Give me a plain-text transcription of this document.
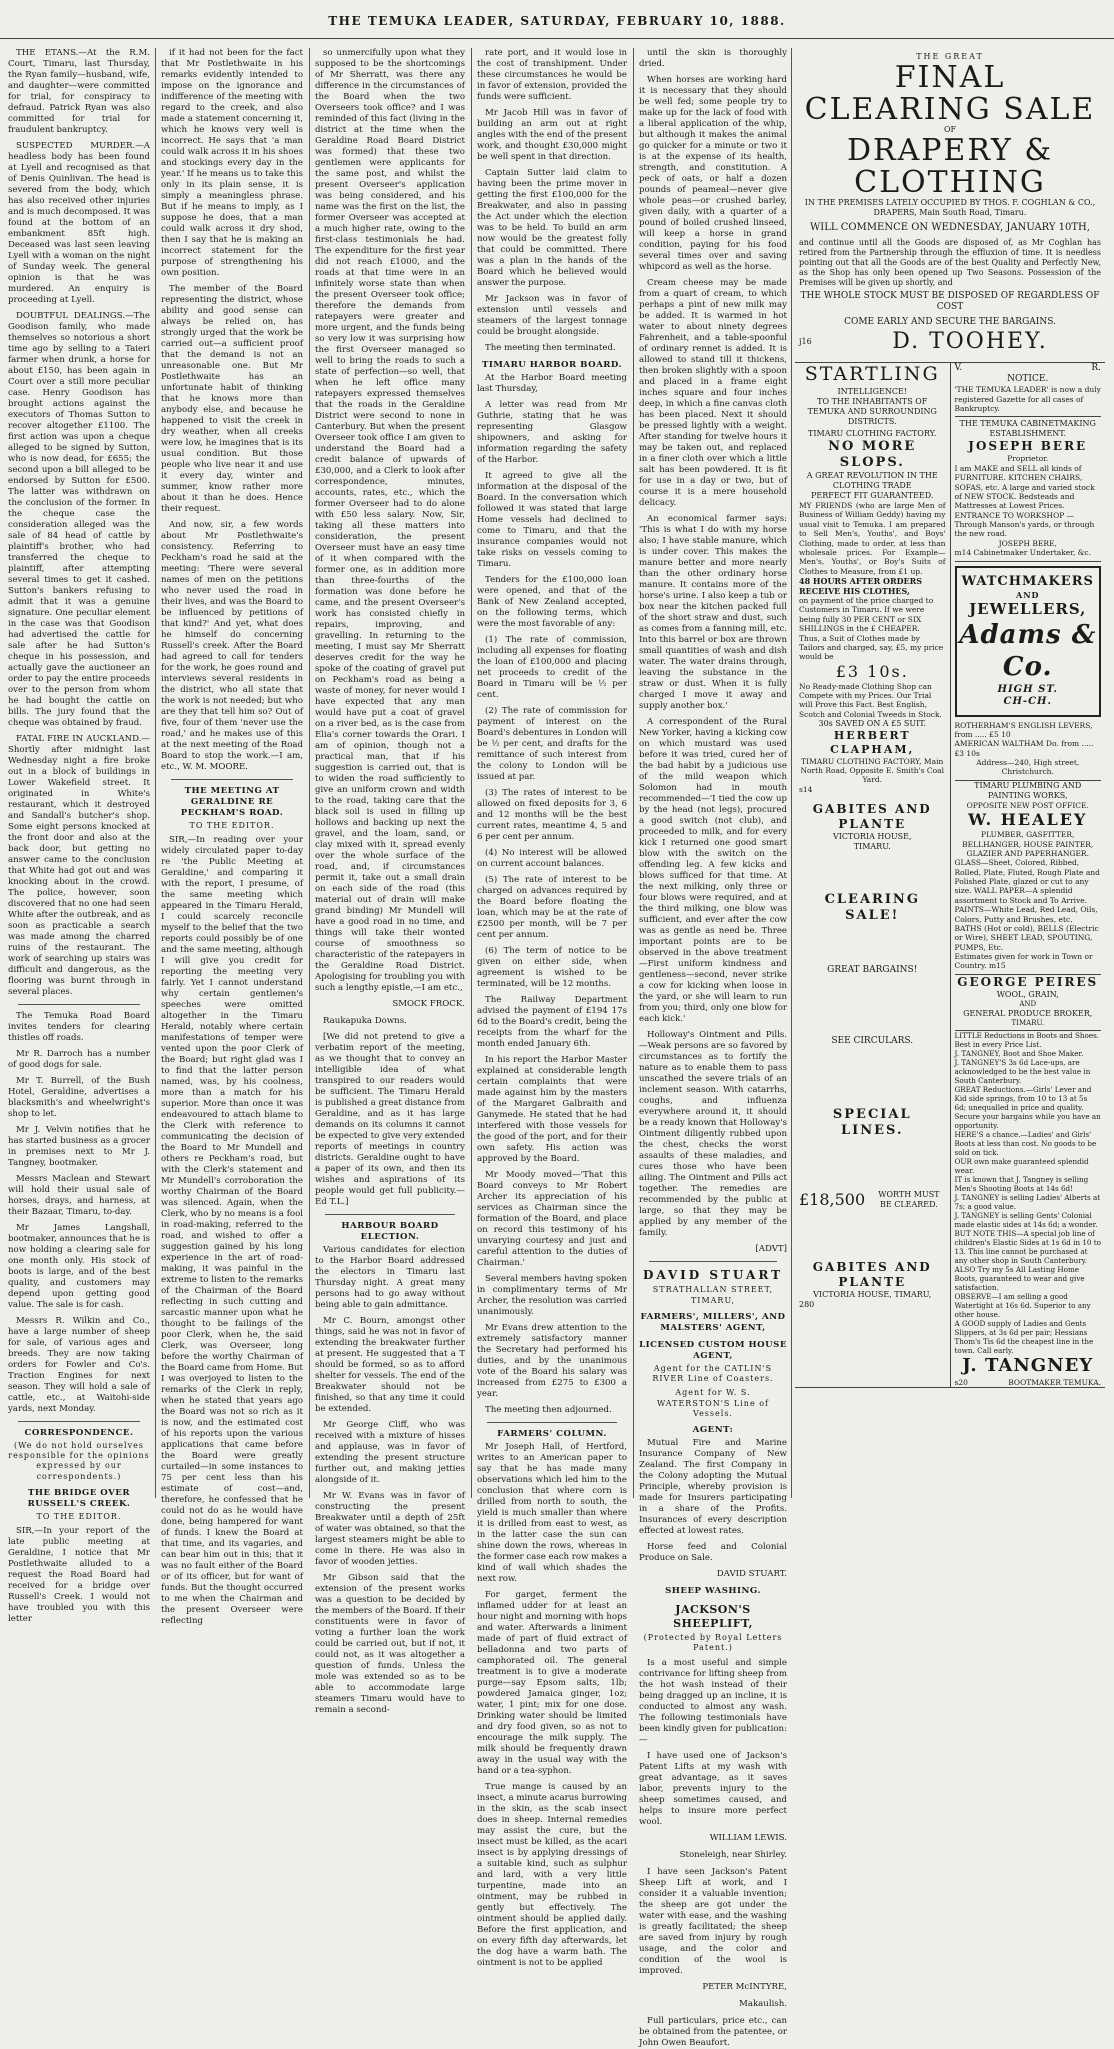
THE TEMUKA LEADER, SATURDAY, FEBRUARY 10, 1888.

THE ETANS.—At the R.M. Court, Timaru, last Thursday, the Ryan family—husband, wife, and daughter—were committed for trial, for conspiracy to defraud. Patrick Ryan was also committed for trial for fraudulent bankruptcy.

SUSPECTED MURDER.—A headless body has been found at Lyell and recognised as that of Denis Quinlivan. The head is severed from the body, which has also received other injuries and is much decomposed. It was found at the bottom of an embankment 85ft high. Deceased was last seen leaving Lyell with a woman on the night of Sunday week. The general opinion is that he was murdered. An enquiry is proceeding at Lyell.

DOUBTFUL DEALINGS.—The Goodison family, who made themselves so notorious a short time ago by selling to a Taieri farmer when drunk, a horse for about £150, has been again in Court over a still more peculiar case. Henry Goodison has brought actions against the executors of Thomas Sutton to recover altogether £1100. The first action was upon a cheque alleged to be signed by Sutton, who is now dead, for £655; the second upon a bill alleged to be endorsed by Sutton for £500. The latter was withdrawn on the conclusion of the former. In the cheque case the consideration alleged was the sale of 84 head of cattle by plaintiff's brother, who had transferred the cheque to plaintiff, after attempting several times to get it cashed. Sutton's bankers refusing to admit that it was a genuine signature. One peculiar element in the case was that Goodison had advertised the cattle for sale after he had Sutton's cheque in his possession, and actually gave the auctioneer an order to pay the entire proceeds over to the person from whom he had bought the cattle on bills. The jury found that the cheque was obtained by fraud.

FATAL FIRE IN AUCKLAND.—Shortly after midnight last Wednesday night a fire broke out in a block of buildings in Lower Wakefield street. It originated in White's restaurant, which it destroyed and Sandall's butcher's shop. Some eight persons knocked at the front door and also at the back door, but getting no answer came to the conclusion that White had got out and was knocking about in the crowd. The police, however, soon discovered that no one had seen White after the outbreak, and as soon as practicable a search was made among the charred ruins of the restaurant. The work of searching up stairs was difficult and dangerous, as the flooring was burnt through in several places.

The Temuka Road Board invites tenders for clearing thistles off roads.

Mr R. Darroch has a number of good dogs for sale.

Mr T. Burrell, of the Bush Hotel, Geraldine, advertises a blacksmith's and wheelwright's shop to let.

Mr J. Velvin notifies that he has started business as a grocer in premises next to Mr J. Tangney, bootmaker.

Messrs Maclean and Stewart will hold their usual sale of horses, drays, and harness, at their Bazaar, Timaru, to-day.

Mr James Langshall, bootmaker, announces that he is now holding a clearing sale for one month only. His stock of boots is large, and of the best quality, and customers may depend upon getting good value. The sale is for cash.

Messrs R. Wilkin and Co., have a large number of sheep for sale, of various ages and breeds. They are now taking orders for Fowler and Co's. Traction Engines for next season. They will hold a sale of cattle, etc., at Waitohi-side yards, next Monday.

CORRESPONDENCE.
(We do not hold ourselves responsible for the opinions expressed by our correspondents.)
THE BRIDGE OVER RUSSELL'S CREEK.
TO THE EDITOR.

SIR,—In your report of the late public meeting at Geraldine, I notice that Mr Postlethwaite alluded to a request the Road Board had received for a bridge over Russell's Creek. I would not have troubled you with this letter

if it had not been for the fact that Mr Postlethwaite in his remarks evidently intended to impose on the ignorance and indifference of the meeting with regard to the creek, and also made a statement concerning it, which he knows very well is incorrect. He says that 'a man could walk across it in his shoes and stockings every day in the year.' If he means us to take this only in its plain sense, it is simply a meaningless phrase. But if he means to imply, as I suppose he does, that a man could walk across it dry shod, then I say that he is making an incorrect statement for the purpose of strengthening his own position.

The member of the Board representing the district, whose ability and good sense can always be relied on, has strongly urged that the work be carried out—a sufficient proof that the demand is not an unreasonable one. But Mr Postlethwaite has an unfortunate habit of thinking that he knows more than anybody else, and because he happened to visit the creek in dry weather, when all creeks were low, he imagines that is its usual condition. But those people who live near it and use it every day, winter and summer, know rather more about it than he does. Hence their request.

And now, sir, a few words about Mr Postlethwaite's consistency. Referring to Peckham's road he said at the meeting: 'There were several names of men on the petitions who never used the road in their lives, and was the Board to be influenced by petitions of that kind?' And yet, what does he himself do concerning Russell's creek. After the Board had agreed to call for tenders for the work, he goes round and interviews several residents in the district, who all state that the work is not needed; but who are they that tell him so? Out of five, four of them 'never use the road,' and he makes use of this at the next meeting of the Road Board to stop the work.—I am, etc., W. M. MOORE.

THE MEETING AT GERALDINE RE PECKHAM'S ROAD.
TO THE EDITOR.

SIR,—In reading over your widely circulated paper to-day re 'the Public Meeting at Geraldine,' and comparing it with the report, I presume, of the same meeting which appeared in the Timaru Herald, I could scarcely reconcile myself to the belief that the two reports could possibly be of one and the same meeting, although I will give you credit for reporting the meeting very fairly. Yet I cannot understand why certain gentlemen's speeches were omitted altogether in the Timaru Herald, notably where certain manifestations of temper were vented upon the poor Clerk of the Board; but right glad was I to find that the latter person named, was, by his coolness, more than a match for his superior. More than once it was endeavoured to attach blame to the Clerk with reference to communicating the decision of the Board to Mr Mundell and others re Peckham's road, but with the Clerk's statement and Mr Mundell's corroboration the worthy Chairman of the Board was silenced. Again, when the Clerk, who by no means is a fool in road-making, referred to the road, and wished to offer a suggestion gained by his long experience in the art of road-making, it was painful in the extreme to listen to the remarks of the Chairman of the Board reflecting in such cutting and sarcastic manner upon what he thought to be failings of the poor Clerk, when he, the said Clerk, was Overseer, long before the worthy Chairman of the Board came from Home. But I was overjoyed to listen to the remarks of the Clerk in reply, when he stated that years ago the Board was not so rich as it is now, and the estimated cost of his reports upon the various applications that came before the Board were greatly curtailed—in some instances to 75 per cent less than his estimate of cost—and, therefore, he confessed that he could not do as he would have done, being hampered for want of funds. I knew the Board at that time, and its vagaries, and can bear him out in this; that it was no fault either of the Board or of its officer, but for want of funds. But the thought occurred to me when the Chairman and the present Overseer were reflecting

so unmercifully upon what they supposed to be the shortcomings of Mr Sherratt, was there any difference in the circumstances of the Board when the two Overseers took office? and I was reminded of this fact (living in the district at the time when the Geraldine Road Board District was formed) that these two gentlemen were applicants for the same post, and whilst the present Overseer's application was being considered, and his name was the first on the list, the former Overseer was accepted at a much higher rate, owing to the first-class testimonials he had. The expenditure for the first year did not reach £1000, and the roads at that time were in an infinitely worse state than when the present Overseer took office; therefore the demands from ratepayers were greater and more urgent, and the funds being so very low it was surprising how the first Overseer managed so well to bring the roads to such a state of perfection—so well, that when he left office many ratepayers expressed themselves that the roads in the Geraldine District were second to none in Canterbury. But when the present Overseer took office I am given to understand the Board had a credit balance of upwards of £30,000, and a Clerk to look after correspondence, minutes, accounts, rates, etc., which the former Overseer had to do alone with £50 less salary. Now, Sir, taking all these matters into consideration, the present Overseer must have an easy time of it when compared with the former one, as in addition more than three-fourths of the formation was done before he came, and the present Overseer's work has consisted chiefly in repairs, improving, and gravelling. In returning to the meeting, I must say Mr Sherratt deserves credit for the way he spoke of the coating of gravel put on Peckham's road as being a waste of money, for never would I have expected that any man would have put a coat of gravel on a river bed, as is the case from Elia's corner towards the Orari. I am of opinion, though not a practical man, that if his suggestion is carried out, that is to widen the road sufficiently to give an uniform crown and width to the road, taking care that the black soil is used in filling up hollows and backing up next the gravel, and the loam, sand, or clay mixed with it, spread evenly over the whole surface of the road, and, if circumstances permit it, take out a small drain on each side of the road (this material out of drain will make grand binding) Mr Mundell will have a good road in no time, and things will take their wonted course of smoothness so characteristic of the ratepayers in the Geraldine Road District. Apologising for troubling you with such a lengthy epistle,—I am etc.,

SMOCK FROCK.

Raukapuka Downs.

[We did not pretend to give a verbatim report of the meeting, as we thought that to convey an intelligible idea of what transpired to our readers would be sufficient. The Timaru Herald is published a great distance from Geraldine, and as it has large demands on its columns it cannot be expected to give very extended reports of meetings in country districts. Geraldine ought to have a paper of its own, and then its wishes and aspirations of its people would get full publicity.—Ed T.L.]

HARBOUR BOARD ELECTION.

Various candidates for election to the Harbor Board addressed the electors in Timaru last Thursday night. A great many persons had to go away without being able to gain admittance.

Mr C. Bourn, amongst other things, said he was not in favor of extending the breakwater further at present. He suggested that a T should be formed, so as to afford shelter for vessels. The end of the Breakwater should not be finished, so that any time it could be extended.

Mr George Cliff, who was received with a mixture of hisses and applause, was in favor of extending the present structure further out, and making jetties alongside of it.

Mr W. Evans was in favor of constructing the present Breakwater until a depth of 25ft of water was obtained, so that the largest steamers might be able to come in there. He was also in favor of wooden jetties.

Mr Gibson said that the extension of the present works was a question to be decided by the members of the Board. If their constituents were in favor of voting a further loan the work could be carried out, but if not, it could not, as it was altogether a question of funds. Unless the mole was extended so as to be able to accommodate large steamers Timaru would have to remain a second-

rate port, and it would lose in the cost of transhipment. Under these circumstances he would be in favor of extension, provided the funds were sufficient.

Mr Jacob Hill was in favor of building an arm out at right angles with the end of the present work, and thought £30,000 might be well spent in that direction.

Captain Sutter laid claim to having been the prime mover in getting the first £100,000 for the Breakwater, and also in passing the Act under which the election was to be held. To build an arm now would be the greatest folly that could be committed. There was a plan in the hands of the Board which he believed would answer the purpose.

Mr Jackson was in favor of extension until vessels and steamers of the largest tonnage could be brought alongside.

The meeting then terminated.

TIMARU HARBOR BOARD.

At the Harbor Board meeting last Thursday,

A letter was read from Mr Guthrie, stating that he was representing Glasgow shipowners, and asking for information regarding the safety of the Harbor.

It agreed to give all the information at the disposal of the Board. In the conversation which followed it was stated that large Home vessels had declined to come to Timaru, and that the insurance companies would not take risks on vessels coming to Timaru.

Tenders for the £100,000 loan were opened, and that of the Bank of New Zealand accepted, on the following terms, which were the most favorable of any:

(1) The rate of commission, including all expenses for floating the loan of £100,000 and placing net proceeds to credit of the Board in Timaru will be ½ per cent.

(2) The rate of commission for payment of interest on the Board's debentures in London will be ½ per cent, and drafts for the remittance of such interest from the colony to London will be issued at par.

(3) The rates of interest to be allowed on fixed deposits for 3, 6 and 12 months will be the best current rates, meantime 4, 5 and 6 per cent per annum.

(4) No interest will be allowed on current account balances.

(5) The rate of interest to be charged on advances required by the Board before floating the loan, which may be at the rate of £2500 per month, will be 7 per cent per annum.

(6) The term of notice to be given on either side, when agreement is wished to be terminated, will be 12 months.

The Railway Department advised the payment of £194 17s 6d to the Board's credit, being the receipts from the wharf for the month ended January 6th.

In his report the Harbor Master explained at considerable length certain complaints that were made against him by the masters of the Margaret Galbraith and Ganymede. He stated that he had interfered with those vessels for the good of the port, and for their own safety. His action was approved by the Board.

Mr Moody moved—'That this Board conveys to Mr Robert Archer its appreciation of his services as Chairman since the formation of the Board, and place on record this testimony of his unvarying courtesy and just and careful attention to the duties of Chairman.'

Several members having spoken in complimentary terms of Mr Archer, the resolution was carried unanimously.

Mr Evans drew attention to the extremely satisfactory manner the Secretary had performed his duties, and by the unanimous vote of the Board his salary was increased from £275 to £300 a year.

The meeting then adjourned.

FARMERS' COLUMN.

Mr Joseph Hall, of Hertford, writes to an American paper to say that he has made many observations which led him to the conclusion that where corn is drilled from north to south, the yield is much smaller than where it is drilled from east to west, as in the latter case the sun can shine down the rows, whereas in the former case each row makes a kind of wall which shades the next row.

For garget, ferment the inflamed udder for at least an hour night and morning with hops and water. Afterwards a liniment made of part of fluid extract of belladonna and two parts of camphorated oil. The general treatment is to give a moderate purge—say Epsom salts, 1lb; powdered Jamaica ginger, 1oz; water, 1 pint; mix for one dose. Drinking water should be limited and dry food given, so as not to encourage the milk supply. The milk should be frequently drawn away in the usual way with the hand or a tea-syphon.

True mange is caused by an insect, a minute acarus burrowing in the skin, as the scab insect does in sheep. Internal remedies may assist the cure, but the insect must be killed, as the acari insect is by applying dressings of a suitable kind, such as sulphur and lard, with a very little turpentine, made into an ointment, may be rubbed in gently but effectively. The ointment should be applied daily. Before the first application, and on every fifth day afterwards, let the dog have a warm bath. The ointment is not to be applied

until the skin is thoroughly dried.

When horses are working hard it is necessary that they should be well fed; some people try to make up for the lack of food with a liberal application of the whip, but although it makes the animal go quicker for a minute or two it is at the expense of its health, strength, and constitution. A peck of oats, or half a dozen pounds of peameal—never give whole peas—or crushed barley, given daily, with a quarter of a pound of boiled crushed linseed, will keep a horse in grand condition, paying for his food several times over and saving whipcord as well as the horse.

Cream cheese may be made from a quart of cream, to which perhaps a pint of new milk may be added. It is warmed in hot water to about ninety degrees Fahrenheit, and a table-spoonful of ordinary rennet is added. It is allowed to stand till it thickens, then broken slightly with a spoon and placed in a frame eight inches square and four inches deep, in which a fine canvas cloth has been placed. Next it should be pressed lightly with a weight. After standing for twelve hours it may be taken out, and replaced in a finer cloth over which a little salt has been powdered. It is fit for use in a day or two, but of course it is a mere household delicacy.

An economical farmer says: 'This is what I do with my horse also; I have stable manure, which is under cover. This makes the manure better and more nearly than the other ordinary horse manure. It contains more of the horse's urine. I also keep a tub or box near the kitchen packed full of the short straw and dust, such as comes from a fanning mill, etc. Into this barrel or box are thrown small quantities of wash and dish water. The water drains through, leaving the substance in the straw or dust. When it is fully charged I move it away and supply another box.'

A correspondent of the Rural New Yorker, having a kicking cow on which mustard was used before it was tried, cured her of the bad habit by a judicious use of the mild weapon which Solomon had in mouth recommended—'I tied the cow up by the head (not legs), procured a good switch (not club), and proceeded to milk, and for every kick I returned one good smart blow with the switch on the offending leg. A few kicks and blows sufficed for that time. At the next milking, only three or four blows were required, and at the third milking, one blow was sufficient, and ever after the cow was as gentle as need be. Three important points are to be observed in the above treatment—First uniform kindness and gentleness—second, never strike a cow for kicking when loose in the yard, or she will learn to run from you; third, only one blow for each kick.'

Holloway's Ointment and Pills.—Weak persons are so favored by circumstances as to fortify the nature as to enable them to pass unscathed the severe trials of an inclement season. With catarrhs, coughs, and influenza everywhere around it, it should be a ready known that Holloway's Ointment diligently rubbed upon the chest, checks the worst assaults of these maladies, and cures those who have been ailing. The Ointment and Pills act together. The remedies are recommended by the public at large, so that they may be applied by any member of the family.

[ADVT]
DAVID STUART
STRATHALLAN STREET, TIMARU,
FARMERS', MILLERS', AND MALSTERS' AGENT,
LICENSED CUSTOM HOUSE AGENT,
Agent for the CATLIN'S RIVER Line of Coasters.
Agent for W. S. WATERSTON'S Line of Vessels.
AGENT:

Mutual Fire and Marine Insurance Company of New Zealand. The first Company in the Colony adopting the Mutual Principle, whereby provision is made for Insurers participating in a share of the Profits. Insurances of every description effected at lowest rates.

Horse feed and Colonial Produce on Sale.

DAVID STUART.
SHEEP WASHING.
JACKSON'S SHEEPLIFT,
(Protected by Royal Letters Patent.)

Is a most useful and simple contrivance for lifting sheep from the hot wash instead of their being dragged up an incline, it is conducted to almost any wash. The following testimonials have been kindly given for publication:—

I have used one of Jackson's Patent Lifts at my wash with great advantage, as it saves labor, prevents injury to the sheep sometimes caused, and helps to insure more perfect wool.

WILLIAM LEWIS.
Stoneleigh, near Shirley.

I have seen Jackson's Patent Sheep Lift at work, and I consider it a valuable invention; the sheep are got under the water with ease, and the washing is greatly facilitated; the sheep are saved from injury by rough usage, and the color and condition of the wool is improved.

PETER McINTYRE,
Makaulish.

Full particulars, price etc., can be obtained from the patentee, or John Owen Beaufort.

THE GREAT
FINAL CLEARING SALE
OF
DRAPERY & CLOTHING
IN THE PREMISES LATELY OCCUPIED BY THOS. F. COGHLAN & CO., DRAPERS, Main South Road, Timaru.
WILL COMMENCE ON WEDNESDAY, JANUARY 10TH,
and continue until all the Goods are disposed of, as Mr Coghlan has retired from the Partnership through the effluxion of time. It is needless pointing out that all the Goods are of the best Quality and Perfectly New, as the Shop has only been opened up Two Seasons. Possession of the Premises will be given up shortly, and
THE WHOLE STOCK MUST BE DISPOSED OF REGARDLESS OF COST
COME EARLY AND SECURE THE BARGAINS.
j16	D. TOOHEY.
STARTLING
INTELLIGENCE!
TO THE INHABITANTS OF TEMUKA AND SURROUNDING DISTRICTS.
TIMARU CLOTHING FACTORY.
NO MORE SLOPS.
A GREAT REVOLUTION IN THE CLOTHING TRADE
PERFECT FIT GUARANTEED.
MY FRIENDS (who are large Men of Business of William Geddy) having my usual visit to Temuka. I am prepared to Sell Men's, Youths', and Boys' Clothing, made to order, at less than wholesale prices. For Example—Men's, Youths', or Boy's Suits of Clothes to Measure, from £1 up.
48 HOURS AFTER ORDERS RECEIVE HIS CLOTHES,
on payment of the price charged to Customers in Timaru. If we were being fully 30 PER CENT or SIX SHILLINGS in the £ CHEAPER.
Thus, a Suit of Clothes made by Tailors and charged, say, £5, my price would be
£3 10s.
No Ready-made Clothing Shop can Compete with my Prices. Our Trial will Prove this Fact. Best English, Scotch and Colonial Tweeds in Stock.
30s SAVED ON A £5 SUIT.
HERBERT CLAPHAM,
TIMARU CLOTHING FACTORY, Main North Road, Opposite E. Smith's Coal Yard.
s14
GABITES AND PLANTE
VICTORIA HOUSE,
TIMARU.
CLEARING SALE!
GREAT BARGAINS!
SEE CIRCULARS.
SPECIAL LINES.
£18,500	WORTH MUST BE CLEARED.
GABITES AND PLANTE
VICTORIA HOUSE, TIMARU,
280
V.	R.
NOTICE.
'THE TEMUKA LEADER' is now a duly registered Gazette for all cases of Bankruptcy.
THE TEMUKA CABINETMAKING ESTABLISHMENT.
JOSEPH BERE
Proprietor.
I am MAKE and SELL all kinds of FURNITURE. KITCHEN CHAIRS, SOFAS, etc. A large and varied stock of NEW STOCK. Bedsteads and Mattresses at Lowest Prices.
ENTRANCE TO WORKSHOP — Through Manson's yards, or through the new road.
JOSEPH BERE,
m14 Cabinetmaker Undertaker, &c.
WATCHMAKERS
AND
JEWELLERS,
Adams & Co.
HIGH ST.
CH-CH.
ROTHERHAM'S ENGLISH LEVERS, from ..... £5 10
AMERICAN WALTHAM Do. from ..... £3 10s
Address—240, High street, Christchurch.
TIMARU PLUMBING AND PAINTING WORKS,
OPPOSITE NEW POST OFFICE.
W. HEALEY
PLUMBER, GASFITTER, BELLHANGER, HOUSE PAINTER, GLAZIER AND PAPERHANGER.
GLASS—Sheet, Colored, Ribbed, Rolled, Plate, Fluted, Rough Plate and Polished Plate, glazed or cut to any size. WALL PAPER—A splendid assortment to Stock and To Arrive. PAINTS—White Lead, Red Lead, Oils, Colors, Putty and Brushes, etc. BATHS (Hot or cold), BELLS (Electric or Wire), SHEET LEAD, SPOUTING, PUMPS, Etc.
Estimates given for work in Town or Country. m15
GEORGE PEIRES
WOOL, GRAIN,
AND
GENERAL PRODUCE BROKER,
TIMARU.
LITTLE Reductions in Boots and Shoes. Best in every Price List.
J. TANGNEY, Boot and Shoe Maker.
J. TANGNEY'S 3s 6d Lace-ups, are acknowledged to be the best value in South Canterbury.
GREAT Reductions.—Girls' Lever and Kid side springs, from 10 to 13 at 5s 6d; unequalled in price and quality. Secure your bargains while you have an opportunity.
HERE'S a chance.—Ladies' and Girls' Boots at less than cost. No goods to be sold on tick.
OUR own make guaranteed splendid wear.
IT is known that J. Tangney is selling Men's Shooting Boots at 14s 6d!
J. TANGNEY is selling Ladies' Alberts at 7s; a good value.
J. TANGNEY is selling Gents' Colonial made elastic sides at 14s 6d; a wonder.
BUT NOTE THIS—A special job line of children's Elastic Sides at 1s 6d in 10 to 13. This line cannot be purchased at any other shop in South Canterbury.
ALSO Try my 5s All Lasting Home Boots, guaranteed to wear and give satisfaction.
OBSERVE—I am selling a good Watertight at 16s 6d. Superior to any other house.
A GOOD supply of Ladies and Gents Slippers, at 3s 6d per pair; Hessians Thom's Tis 6d the cheapest line in the town. Call early.
J. TANGNEY
s20	BOOTMAKER TEMUKA.
